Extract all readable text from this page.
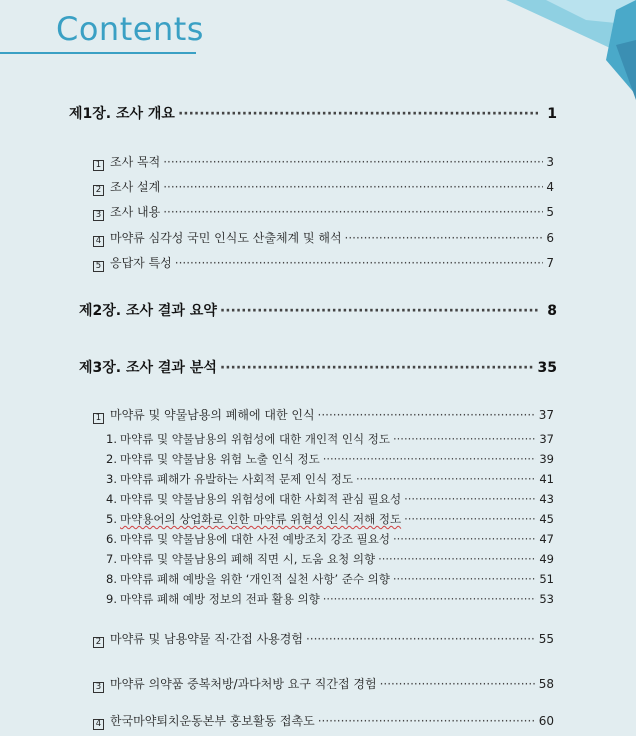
Contents
제1장. 조사 개요 ·····	1
1 조사 목적 ·····	3
2 조사 설계 ·····	4
3 조사 내용 ·····	5
4 마약류 심각성 국민 인식도 산출체계 및 해석 ·····	6
5 응답자 특성 ·····	7
제2장. 조사 결과 요약 ·····	8
제3장. 조사 결과 분석 ·····	35
1 마약류 및 약물남용의 폐해에 대한 인식 ·····	37
1. 마약류 및 약물남용의 위험성에 대한 개인적 인식 정도 ·····	37
2. 마약류 및 약물남용 위험 노출 인식 정도 ·····	39
3. 마약류 폐해가 유발하는 사회적 문제 인식 정도 ·····	41
4. 마약류 및 약물남용의 위험성에 대한 사회적 관심 필요성 ·····	43
5. 마약용어의 상업화로 인한 마약류 위험성 인식 저해 정도 ·····	45
6. 마약류 및 약물남용에 대한 사전 예방조치 강조 필요성 ·····	47
7. 마약류 및 약물남용의 폐해 직면 시, 도움 요청 의향 ·····	49
8. 마약류 폐해 예방을 위한 ‘개인적 실천 사항’ 준수 의향 ·····	51
9. 마약류 폐해 예방 정보의 전파 활용 의향 ·····	53
2 마약류 및 남용약물 직·간접 사용경험 ·····	55
3 마약류 의약품 중복처방/과다처방 요구 직간접 경험 ·····	58
4 한국마약퇴치운동본부 홍보활동 접촉도 ·····	60
